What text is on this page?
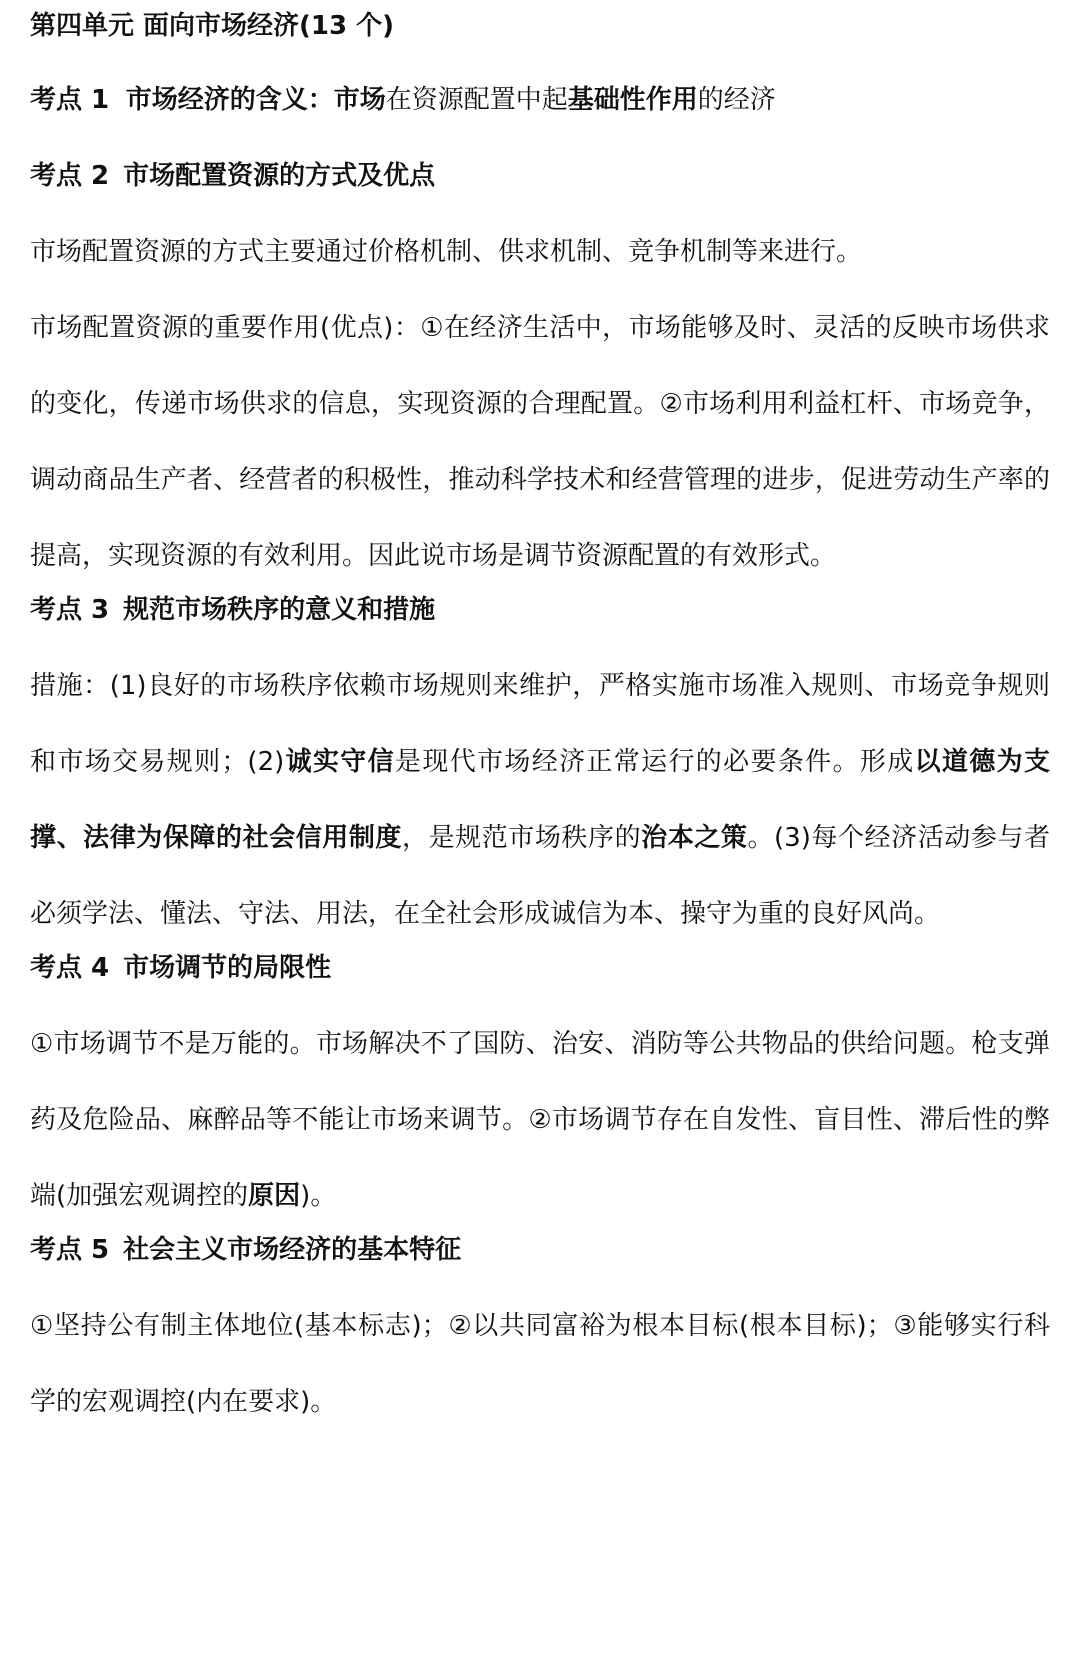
第四单元 面向市场经济(13 个)
考点 1 市场经济的含义：市场在资源配置中起基础性作用的经济
考点 2 市场配置资源的方式及优点

市场配置资源的方式主要通过价格机制、供求机制、竞争机制等来进行。

市场配置资源的重要作用(优点)：①在经济生活中，市场能够及时、灵活的反映市场供求的变化，传递市场供求的信息，实现资源的合理配置。②市场利用利益杠杆、市场竞争，调动商品生产者、经营者的积极性，推动科学技术和经营管理的进步，促进劳动生产率的提高，实现资源的有效利用。因此说市场是调节资源配置的有效形式。

考点 3 规范市场秩序的意义和措施

措施：(1)良好的市场秩序依赖市场规则来维护，严格实施市场准入规则、市场竞争规则和市场交易规则；(2)诚实守信是现代市场经济正常运行的必要条件。形成以道德为支撑、法律为保障的社会信用制度，是规范市场秩序的治本之策。(3)每个经济活动参与者必须学法、懂法、守法、用法，在全社会形成诚信为本、操守为重的良好风尚。

考点 4 市场调节的局限性

①市场调节不是万能的。市场解决不了国防、治安、消防等公共物品的供给问题。枪支弹药及危险品、麻醉品等不能让市场来调节。②市场调节存在自发性、盲目性、滞后性的弊端(加强宏观调控的原因)。

考点 5 社会主义市场经济的基本特征

①坚持公有制主体地位(基本标志)；②以共同富裕为根本目标(根本目标)；③能够实行科学的宏观调控(内在要求)。
